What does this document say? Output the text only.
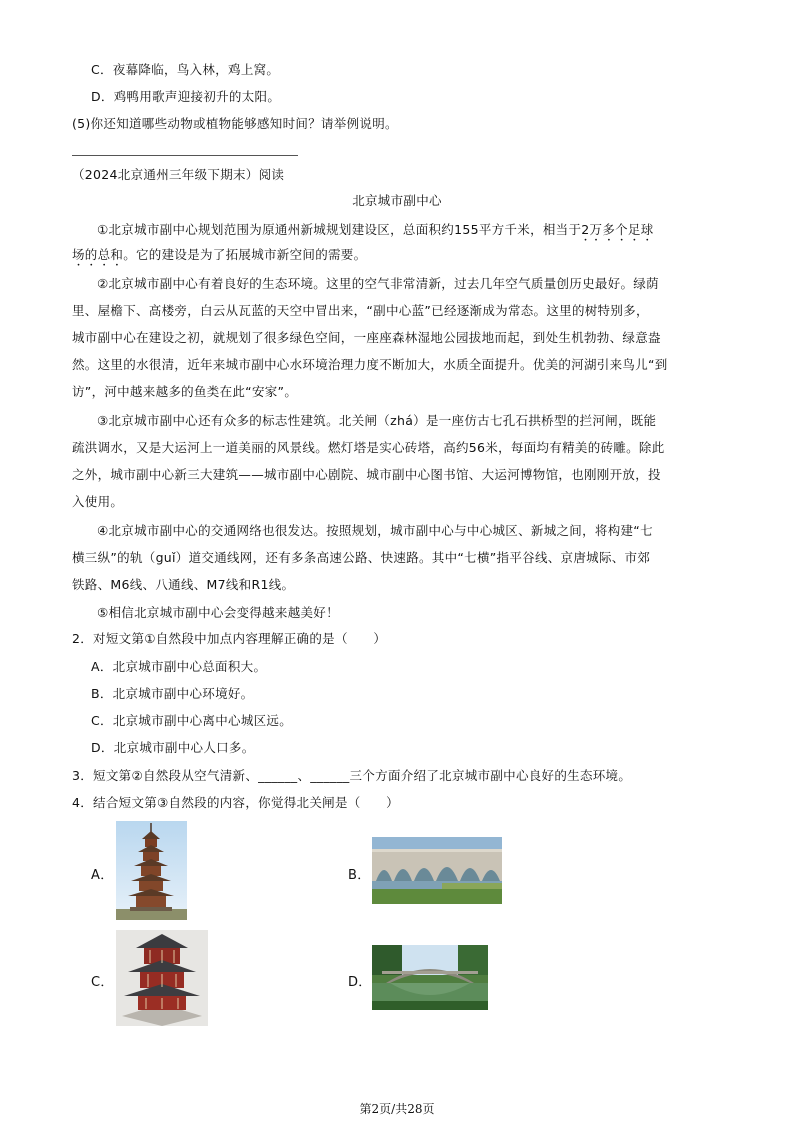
C．夜幕降临，鸟入林，鸡上窝。
D．鸡鸭用歌声迎接初升的太阳。
(5)你还知道哪些动物或植物能够感知时间？请举例说明。
（2024北京通州三年级下期末）阅读
北京城市副中心
①北京城市副中心规划范围为原通州新城规划建设区，总面积约155平方千米，相当于2万多个足球
场的总和。它的建设是为了拓展城市新空间的需要。
②北京城市副中心有着良好的生态环境。这里的空气非常清新，过去几年空气质量创历史最好。绿荫
里、屋檐下、高楼旁，白云从瓦蓝的天空中冒出来，“副中心蓝”已经逐渐成为常态。这里的树特别多，
城市副中心在建设之初，就规划了很多绿色空间，一座座森林湿地公园拔地而起，到处生机勃勃、绿意盎
然。这里的水很清，近年来城市副中心水环境治理力度不断加大，水质全面提升。优美的河湖引来鸟儿“到
访”，河中越来越多的鱼类在此“安家”。
③北京城市副中心还有众多的标志性建筑。北关闸（zhá）是一座仿古七孔石拱桥型的拦河闸，既能
疏洪调水，又是大运河上一道美丽的风景线。燃灯塔是实心砖塔，高约56米，每面均有精美的砖雕。除此
之外，城市副中心新三大建筑——城市副中心剧院、城市副中心图书馆、大运河博物馆，也刚刚开放，投
入使用。
④北京城市副中心的交通网络也很发达。按照规划，城市副中心与中心城区、新城之间，将构建“七
横三纵”的轨（guǐ）道交通线网，还有多条高速公路、快速路。其中“七横”指平谷线、京唐城际、市郊
铁路、M6线、八通线、M7线和R1线。
⑤相信北京城市副中心会变得越来越美好！
2．对短文第①自然段中加点内容理解正确的是（　　）
A．北京城市副中心总面积大。
B．北京城市副中心环境好。
C．北京城市副中心离中心城区远。
D．北京城市副中心人口多。
3．短文第②自然段从空气清新、______、______三个方面介绍了北京城市副中心良好的生态环境。
4．结合短文第③自然段的内容，你觉得北关闸是（　　）
A．	B．
C．	D．
第2页/共28页
